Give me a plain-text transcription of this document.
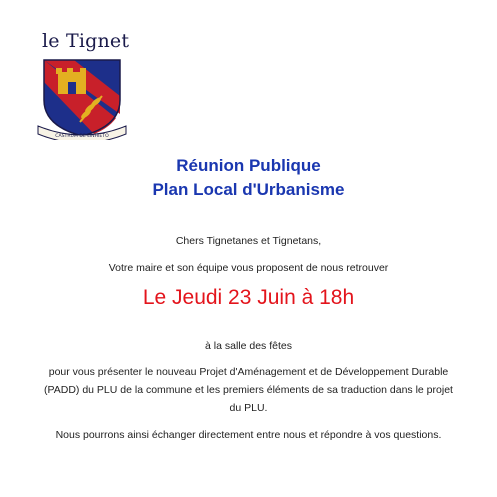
le Tignet
CASTRUM DE LINHIETO
Réunion Publique
Plan Local d'Urbanisme
Chers Tignetanes et Tignetans,
Votre maire et son équipe vous proposent de nous retrouver
Le Jeudi 23 Juin à 18h
à la salle des fêtes
pour vous présenter le nouveau Projet d'Aménagement et de Développement Durable
(PADD) du PLU de la commune et les premiers éléments de sa traduction dans le projet
du PLU.
Nous pourrons ainsi échanger directement entre nous et répondre à vos questions.
